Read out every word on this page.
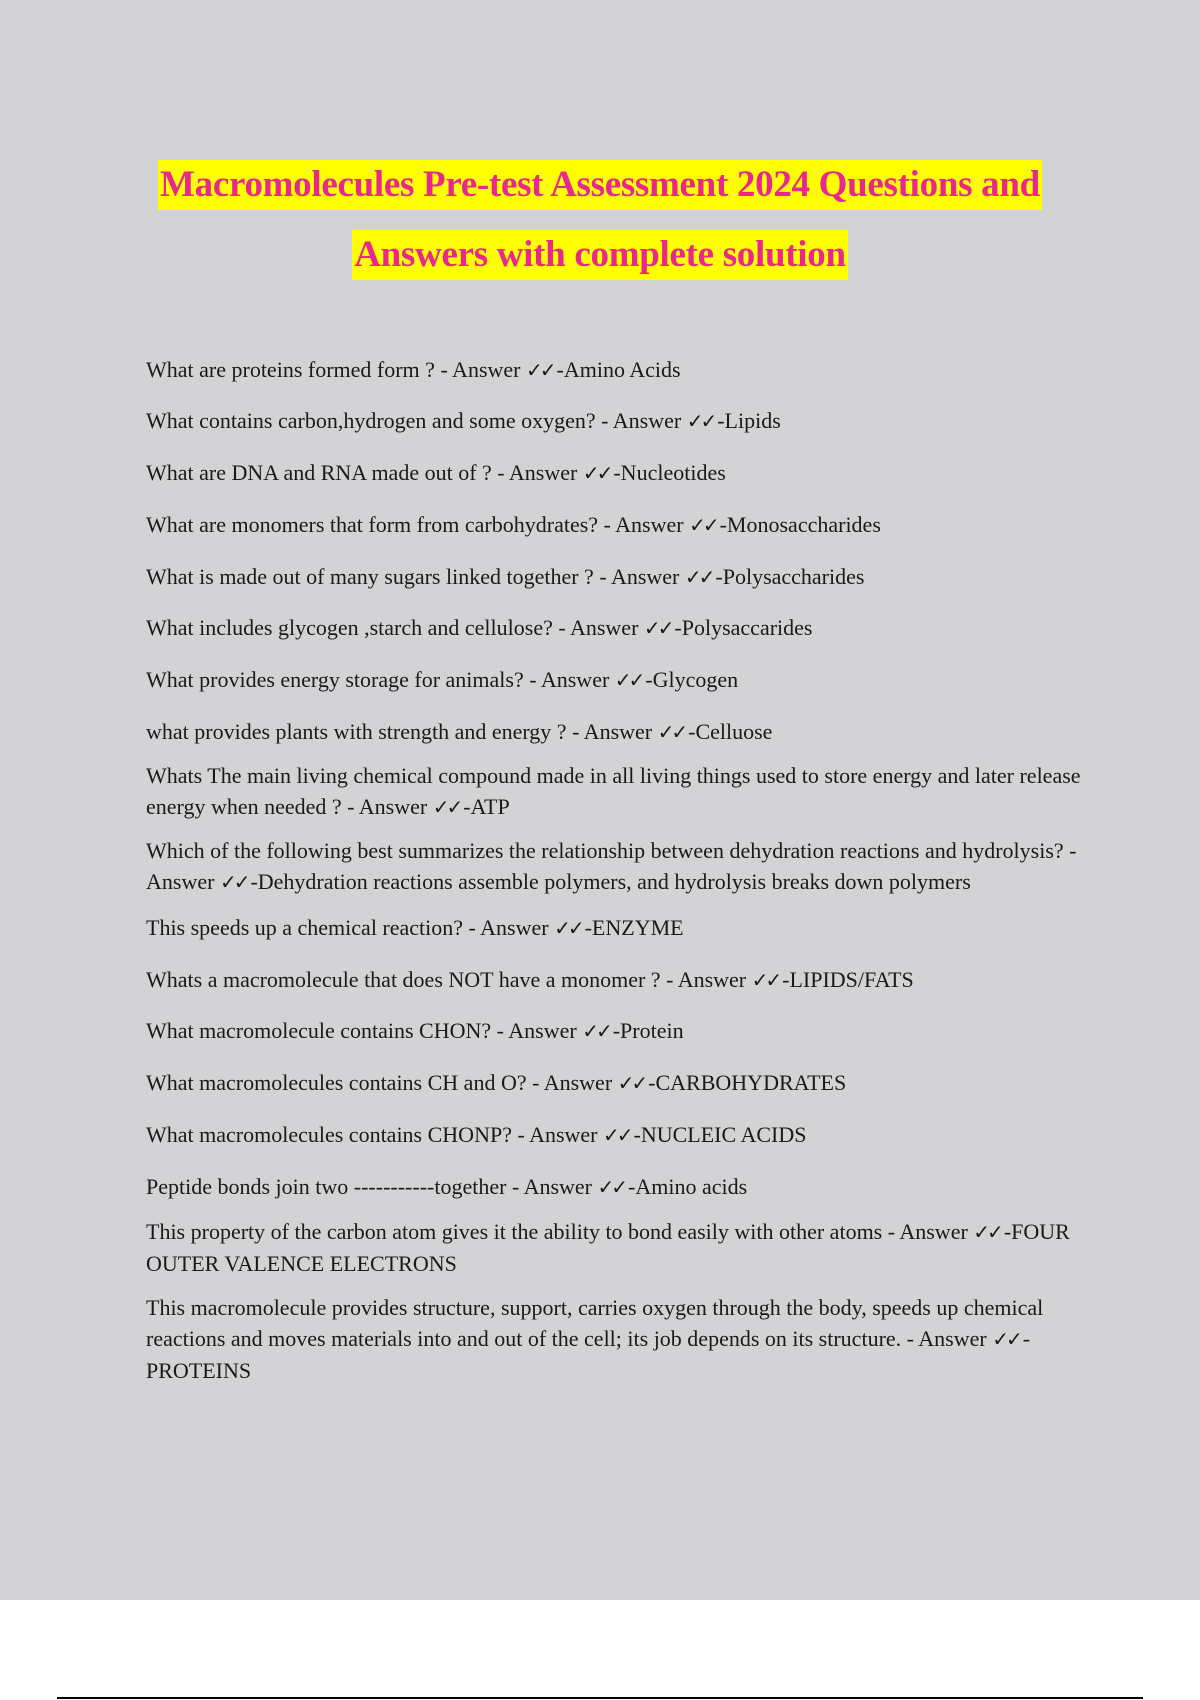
Macromolecules Pre-test Assessment 2024 Questions and
Answers with complete solution
What are proteins formed form ? - Answer ✓✓ -Amino Acids
What contains carbon,hydrogen and some oxygen? - Answer ✓✓ -Lipids
What are DNA and RNA made out of ? - Answer ✓✓ -Nucleotides
What are monomers that form from carbohydrates? - Answer ✓✓ -Monosaccharides
What is made out of many sugars linked together ? - Answer ✓✓ -Polysaccharides
What includes glycogen ,starch and cellulose? - Answer ✓✓ -Polysaccarides
What provides energy storage for animals? - Answer ✓✓ -Glycogen
what provides plants with strength and energy ? - Answer ✓✓ -Celluose
Whats The main living chemical compound made in all living things used to store energy and later release energy when needed ? - Answer ✓✓ -ATP
Which of the following best summarizes the relationship between dehydration reactions and hydrolysis? - Answer ✓✓ -Dehydration reactions assemble polymers, and hydrolysis breaks down polymers
This speeds up a chemical reaction? - Answer ✓✓ -ENZYME
Whats a macromolecule that does NOT have a monomer ? - Answer ✓✓ -LIPIDS/FATS
What macromolecule contains CHON? - Answer ✓✓ -Protein
What macromolecules contains CH and O? - Answer ✓✓ -CARBOHYDRATES
What macromolecules contains CHONP? - Answer ✓✓ -NUCLEIC ACIDS
Peptide bonds join two -----------together - Answer ✓✓ -Amino acids
This property of the carbon atom gives it the ability to bond easily with other atoms - Answer ✓✓ -FOUR OUTER VALENCE ELECTRONS
This macromolecule provides structure, support, carries oxygen through the body, speeds up chemical reactions and moves materials into and out of the cell; its job depends on its structure. - Answer ✓✓ -PROTEINS
